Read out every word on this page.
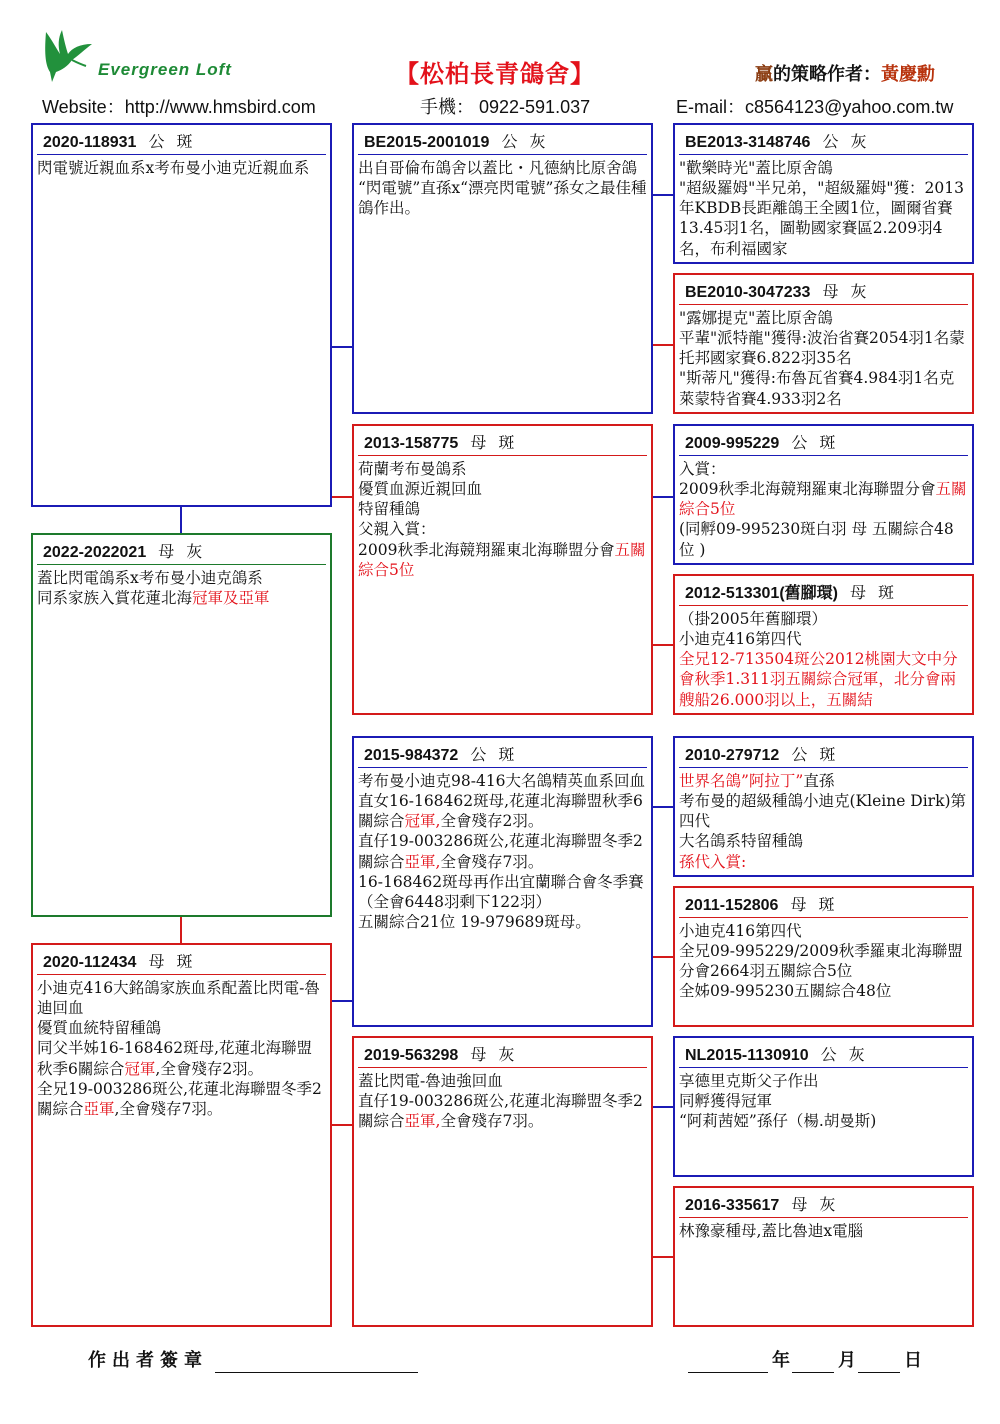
Evergreen Loft	【松柏長青鴿舍】	贏的策略作者：黃慶勳
Website：http://www.hmsbird.com	手機： 0922-591.037	E-mail：c8564123@yahoo.com.tw
2020-118931 公 斑
閃電號近親血系x考布曼小迪克近親血系
2022-2022021 母 灰
蓋比閃電鴿系x考布曼小迪克鴿系
同系家族入賞花蓮北海冠軍及亞軍
2020-112434 母 斑
小迪克416大銘鴿家族血系配蓋比閃電-魯迪回血
優質血統特留種鴿
同父半姊16-168462斑母,花蓮北海聯盟秋季6關綜合冠軍,全會殘存2羽。
全兄19-003286斑公,花蓮北海聯盟冬季2關綜合亞軍,全會殘存7羽。
BE2015-2001019 公 灰
出自哥倫布鴿舍以蓋比・凡德納比原舍鴿
“閃電號”直孫x“漂亮閃電號”孫女之最佳種鴿作出。
2013-158775 母 斑
荷蘭考布曼鴿系
優質血源近親回血
特留種鴿
父親入賞：
2009秋季北海競翔羅東北海聯盟分會五關綜合5位
2015-984372 公 斑
考布曼小迪克98-416大名鴿精英血系回血
直女16-168462斑母,花蓮北海聯盟秋季6關綜合冠軍,全會殘存2羽。
直仔19-003286斑公,花蓮北海聯盟冬季2關綜合亞軍,全會殘存7羽。
16-168462斑母再作出宜蘭聯合會冬季賽（全會6448羽剩下122羽）
五關綜合21位 19-979689斑母。
2019-563298 母 灰
蓋比閃電-魯迪強回血
直仔19-003286斑公,花蓮北海聯盟冬季2關綜合亞軍,全會殘存7羽。
BE2013-3148746 公 灰
"歡樂時光"蓋比原舍鴿
"超級羅姆"半兄弟，"超級羅姆"獲：2013年KBDB長距離鴿王全國1位，圖爾省賽13.45羽1名，圖勒國家賽區2.209羽4名，布利福國家
BE2010-3047233 母 灰
"露娜提克"蓋比原舍鴿
平輩"派特龍"獲得:波治省賽2054羽1名蒙托邦國家賽6.822羽35名
"斯蒂凡"獲得:布魯瓦省賽4.984羽1名克萊蒙特省賽4.933羽2名
2009-995229 公 斑
入賞：
2009秋季北海競翔羅東北海聯盟分會五關綜合5位
(同孵09-995230斑白羽 母 五關綜合48位 )
2012-513301(舊腳環) 母 斑
（掛2005年舊腳環）
小迪克416第四代
全兄12-713504斑公2012桃園大文中分會秋季1.311羽五關綜合冠軍，北分會兩艘船26.000羽以上，五關結
2010-279712 公 斑
世界名鴿”阿拉丁”直孫
考布曼的超級種鴿小迪克(Kleine Dirk)第四代
大名鴿系特留種鴿
孫代入賞:
2011-152806 母 斑
小迪克416第四代
全兄09-995229/2009秋季羅東北海聯盟分會2664羽五關綜合5位
全姊09-995230五關綜合48位
NL2015-1130910 公 灰
享德里克斯父子作出
同孵獲得冠軍
“阿莉茜婭”孫仔（楊.胡曼斯)
2016-335617 母 灰
林豫豪種母,蓋比魯迪x電腦
作出者簽章	年	月	日
